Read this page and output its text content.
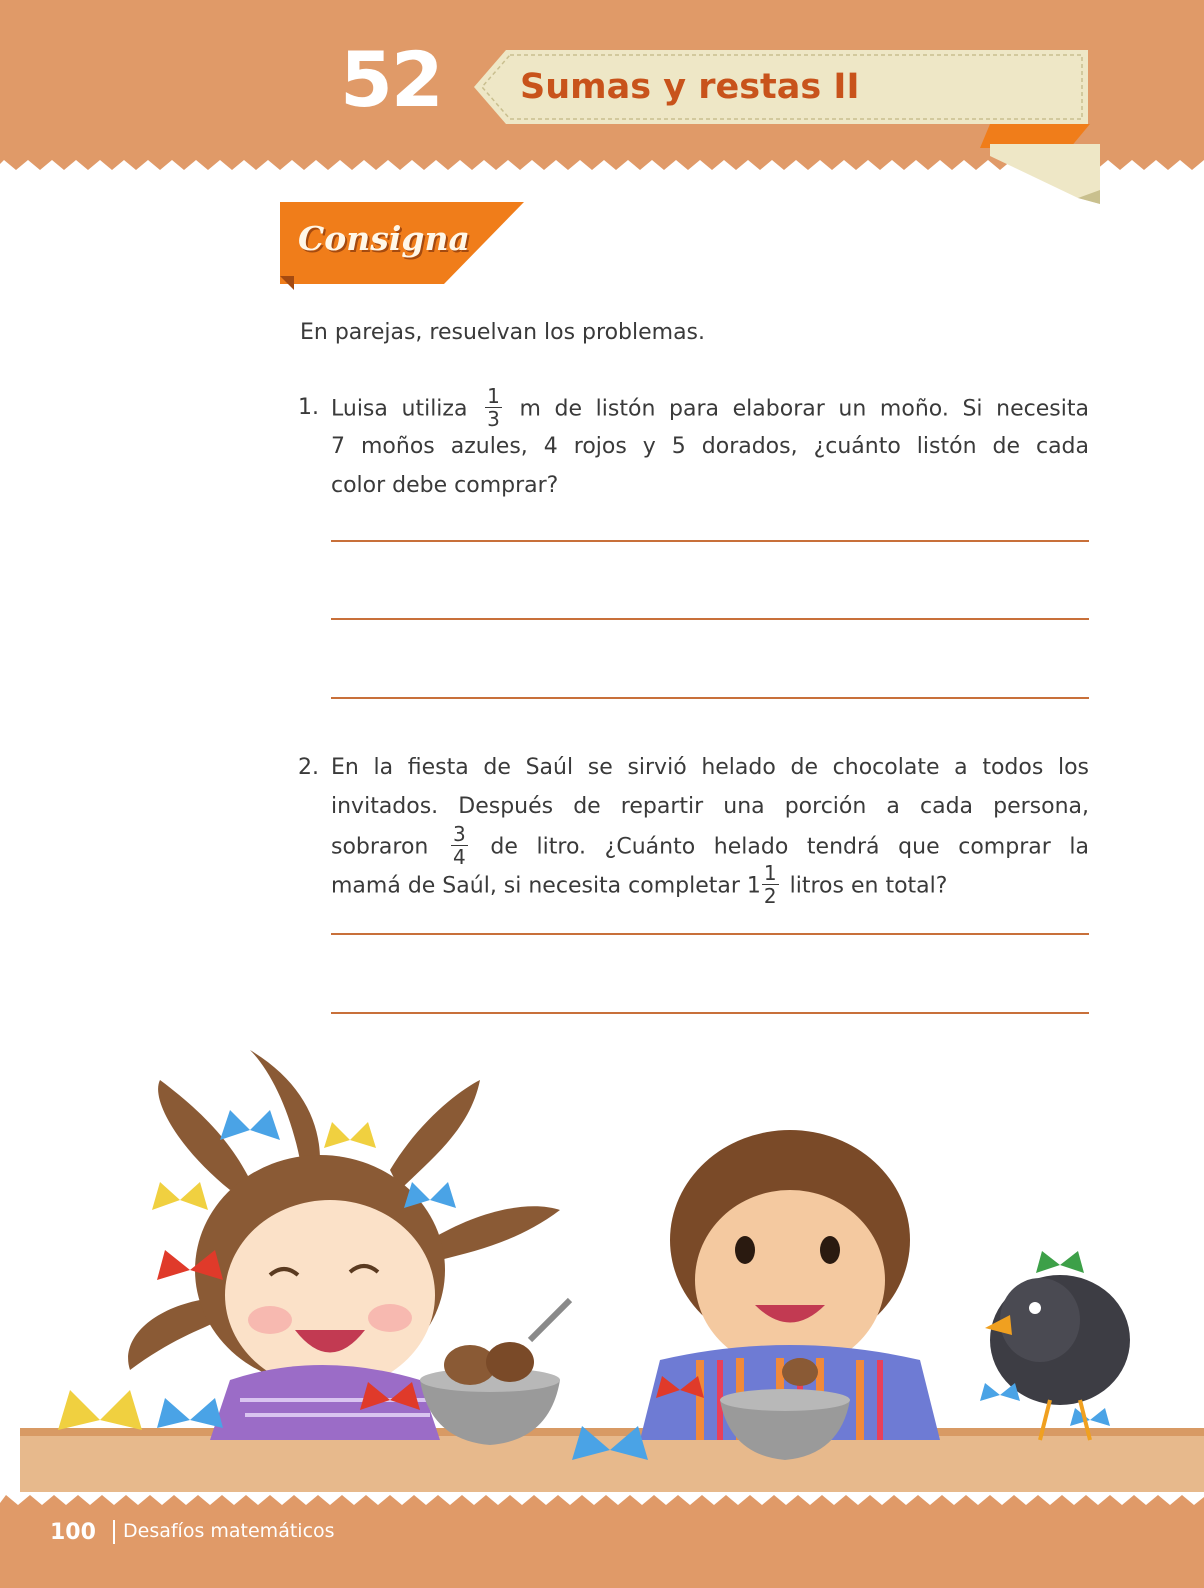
52 Sumas y restas II
Consigna
En parejas, resuelvan los problemas.
1. Luisa utiliza $\frac{1}{3}$ m de listón para elaborar un moño. Si necesita
7 moños azules, 4 rojos y 5 dorados, ¿cuánto listón de cada
color debe comprar?
2. En la fiesta de Saúl se sirvió helado de chocolate a todos los
invitados. Después de repartir una porción a cada persona,
sobraron $\frac{3}{4}$ de litro. ¿Cuánto helado tendrá que comprar la
mamá de Saúl, si necesita completar $1 \frac{1}{2}$ litros en total?
100 Desafíos matemáticos
